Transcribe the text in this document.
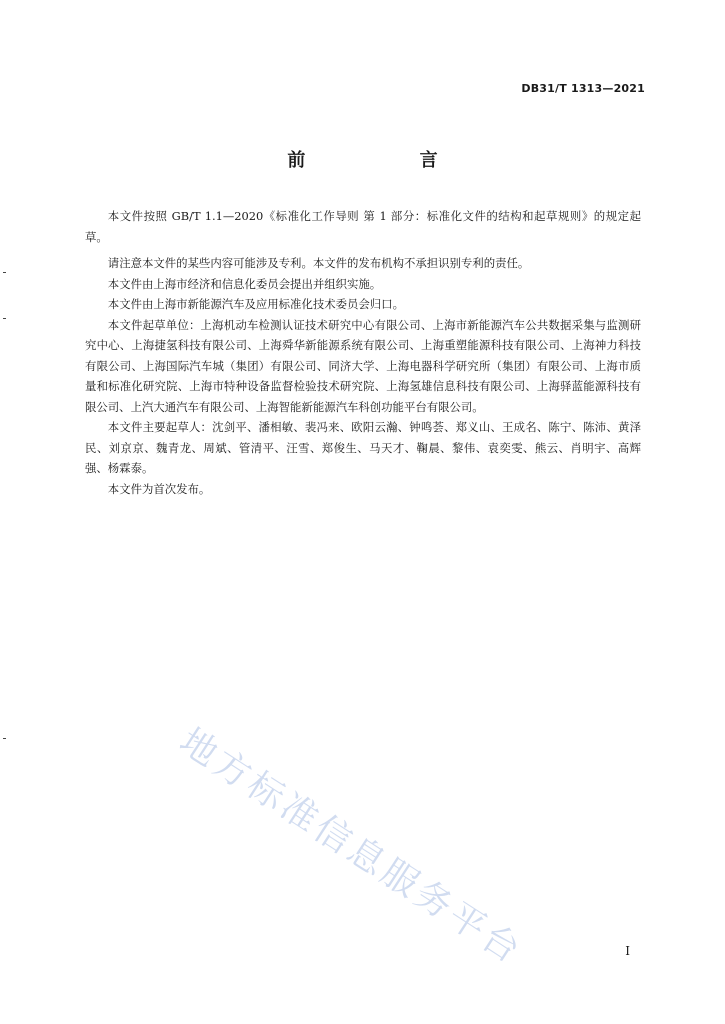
DB31/T 1313—2021
前 言

本文件按照 GB/T 1.1—2020《标准化工作导则 第 1 部分：标准化文件的结构和起草规则》的规定起草。

请注意本文件的某些内容可能涉及专利。本文件的发布机构不承担识别专利的责任。

本文件由上海市经济和信息化委员会提出并组织实施。

本文件由上海市新能源汽车及应用标准化技术委员会归口。

本文件起草单位：上海机动车检测认证技术研究中心有限公司、上海市新能源汽车公共数据采集与监测研究中心、上海捷氢科技有限公司、上海舜华新能源系统有限公司、上海重塑能源科技有限公司、上海神力科技有限公司、上海国际汽车城（集团）有限公司、同济大学、上海电器科学研究所（集团）有限公司、上海市质量和标准化研究院、上海市特种设备监督检验技术研究院、上海氢雄信息科技有限公司、上海驿蓝能源科技有限公司、上汽大通汽车有限公司、上海智能新能源汽车科创功能平台有限公司。

本文件主要起草人：沈剑平、潘相敏、裴冯来、欧阳云瀚、钟鸣荟、郑义山、王成名、陈宁、陈沛、黄泽民、刘京京、魏青龙、周斌、管清平、汪雪、郑俊生、马天才、鞠晨、黎伟、袁奕雯、熊云、肖明宇、高辉强、杨霖泰。

本文件为首次发布。

地方标准信息服务平台	I
